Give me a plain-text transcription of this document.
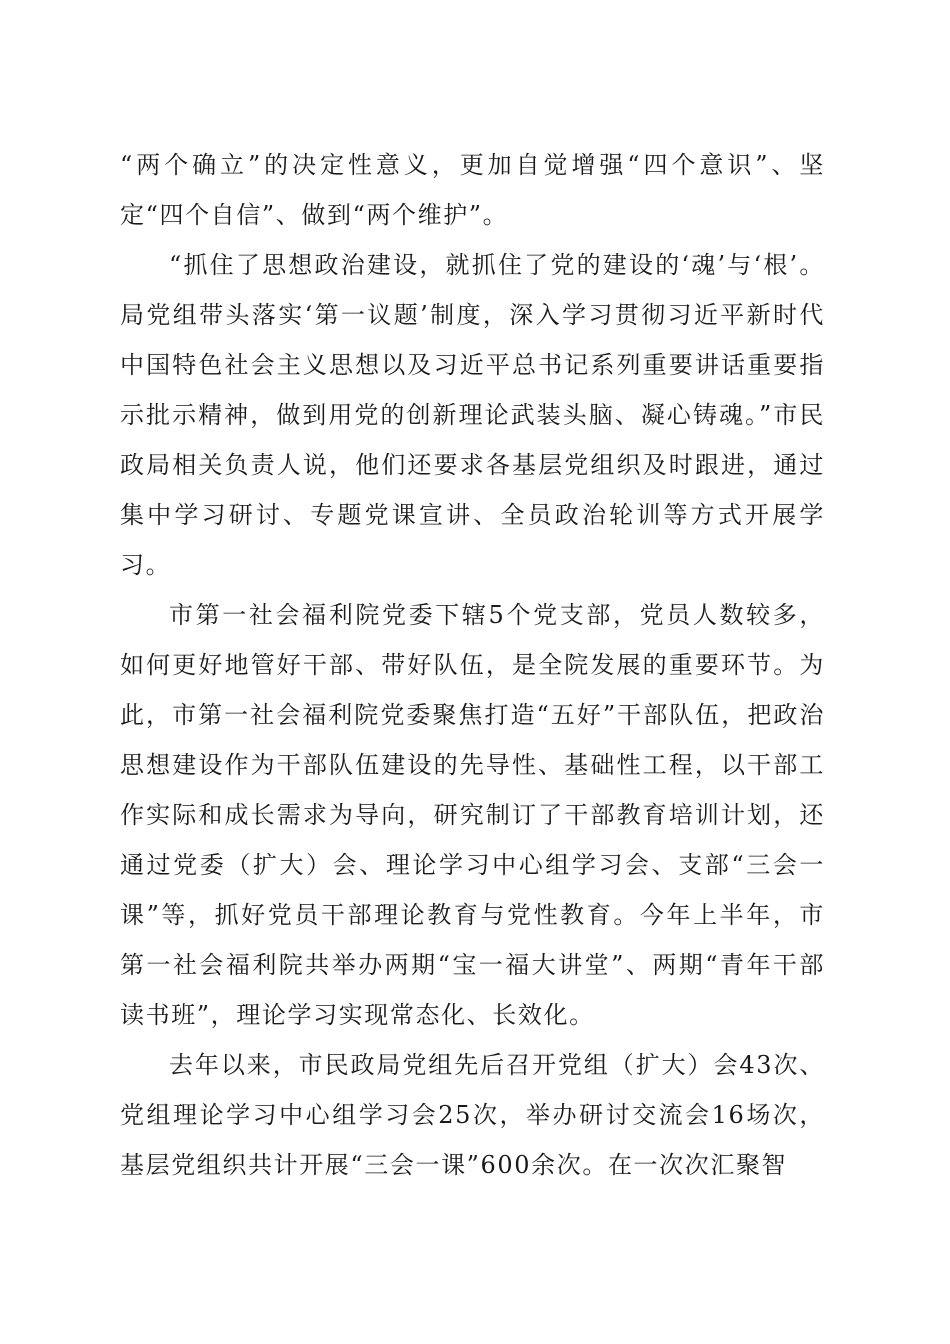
“两个确立”的决定性意义，更加自觉增强“四个意识”、坚定“四个自信”、做到“两个维护”。

“抓住了思想政治建设，就抓住了党的建设的‘魂’与‘根’。局党组带头落实‘第一议题’制度，深入学习贯彻习近平新时代中国特色社会主义思想以及习近平总书记系列重要讲话重要指示批示精神，做到用党的创新理论武装头脑、凝心铸魂。”市民政局相关负责人说，他们还要求各基层党组织及时跟进，通过集中学习研讨、专题党课宣讲、全员政治轮训等方式开展学习。

市第一社会福利院党委下辖5个党支部，党员人数较多，如何更好地管好干部、带好队伍，是全院发展的重要环节。为此，市第一社会福利院党委聚焦打造“五好”干部队伍，把政治思想建设作为干部队伍建设的先导性、基础性工程，以干部工作实际和成长需求为导向，研究制订了干部教育培训计划，还通过党委（扩大）会、理论学习中心组学习会、支部“三会一课”等，抓好党员干部理论教育与党性教育。今年上半年，市第一社会福利院共举办两期“宝一福大讲堂”、两期“青年干部读书班”，理论学习实现常态化、长效化。

去年以来，市民政局党组先后召开党组（扩大）会43次、党组理论学习中心组学习会25次，举办研讨交流会16场次，基层党组织共计开展“三会一课”600余次。在一次次汇聚智
